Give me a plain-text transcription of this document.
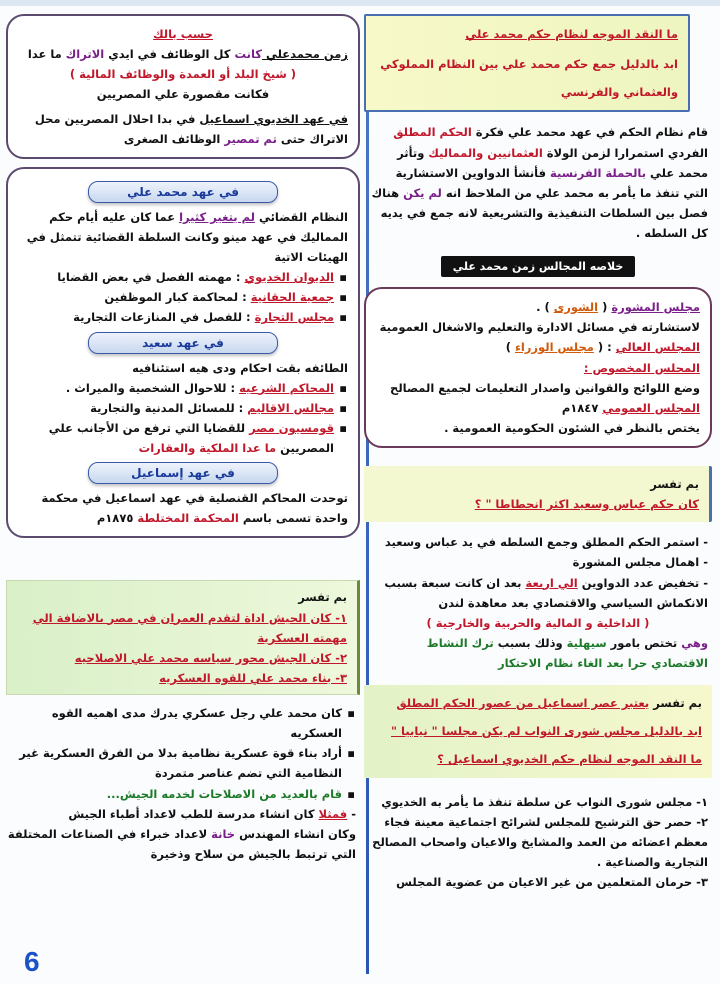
ما النقد الموجه لنظام حكم محمد علي

ابد بالدليل جمع حكم محمد علي بين النظام المملوكي

والعثماني والفرنسي

قام نظام الحكم في عهد محمد علي فكرة الحكم المطلق الفردي استمرارا لزمن الولاة العثمانيين والمماليك وتأثر محمد علي بالحملة الفرنسية فأنشأ الدواوين الاستشارية التي تنفذ ما يأمر به محمد علي من الملاحظ انه لم يكن هناك فصل بين السلطات التنفيذية والتشريعية لانه جمع في يديه كل السلطه .

خلاصه المجالس زمن محمد علي

مجلس المشورة ( الشورى ) .

لاستشارته في مسائل الادارة والتعليم والاشغال العمومية

المجلس العالي : ( مجلس الوزراء )

المجلس المخصوص :

وضع اللوائح والقوانين واصدار التعليمات لجميع المصالح

المجلس العمومي ١٨٤٧م

يختص بالنظر في الشئون الحكومية العمومية .

بم تفسر

كان حكم عباس وسعيد اكثر انحطاطا " ؟

- استمر الحكم المطلق وجمع السلطه في يد عباس وسعيد

- اهمال مجلس المشورة

- تخفيض عدد الدواوين الي اربعة بعد ان كانت سبعة بسبب الانكماش السياسي والاقتصادي بعد معاهدة لندن

( الداخلية و المالية والحربية والخارجية )

وهي تختص بامور سيهلية وذلك بسبب ترك النشاط الاقتصادي حرا بعد الغاء نظام الاحتكار

بم تفسر يعتبر عصر اسماعيل من عصور الحكم المطلق

ابد بالدليل مجلس شورى النواب لم يكن مجلسا " نيابيا "

ما النقد الموجه لنظام حكم الخديوي اسماعيل ؟

١- مجلس شورى النواب عن سلطة تنفذ ما يأمر به الخديوي

٢- حصر حق الترشيح للمجلس لشرائح اجتماعية معينة فجاء معظم اعضائه من العمد والمشايخ والاعيان واصحاب المصالح التجارية والصناعية .

٣- حرمان المتعلمين من غير الاعيان من عضوية المجلس

حسب بالك

زمن محمدعلي كانت كل الوظائف في ايدي الاتراك ما عدا

( شيخ البلد أو العمدة والوظائف المالية )

فكانت مقصورة علي المصريين

في عهد الخديوي اسماعيل في بدا احلال المصريين محل الاتراك حتى تم تمصير الوظائف الصغرى

في عهد محمد علي

النظام القضائي لم يتغير كثيرا عما كان عليه أيام حكم المماليك في عهد مينو وكانت السلطة القضائية تتمثل في الهيئات الاتية

▪ الديوان الخديوي : مهمته الفصل في بعض القضايا
▪ جمعية الحقانية : لمحاكمة كبار الموظفين
▪ مجلس التجارة : للفصل في المنازعات التجارية
في عهد سعيد

الطائفه بقت احكام ودى هيه استئنافيه

▪ المحاكم الشرعيه : للاحوال الشخصية والميراث .
▪ مجالس الاقاليم : للمسائل المدنية والتجارية
▪ قومسيون مصر للقضايا التي ترفع من الأجانب علي المصريين ما عدا الملكية والعقارات
في عهد إسماعيل

توحدت المحاكم القنصلية في عهد اسماعيل في محكمة واحدة تسمى باسم المحكمة المختلطة ١٨٧٥م

بم تفسر

١- كان الجيش اداة لتقدم العمران في مصر بالاضافة الي مهمته العسكرية

٢- كان الجيش محور سياسه محمد علي الاصلاحيه

٣- بناء محمد علي للقوه العسكريه

▪ كان محمد علي رجل عسكري يدرك مدى اهميه القوه العسكريه
▪ أراد بناء قوة عسكرية نظامية بدلا من الفرق العسكرية غير النظامية التي تضم عناصر متمردة
▪ قام بالعديد من الاصلاحات لخدمه الجيش...

- فمثلا كان انشاء مدرسة للطب لاعداد أطباء الجيش

وكان انشاء المهندس خانة لاعداد خبراء في الصناعات المختلفة التي ترتبط بالجيش من سلاح وذخيرة

6
